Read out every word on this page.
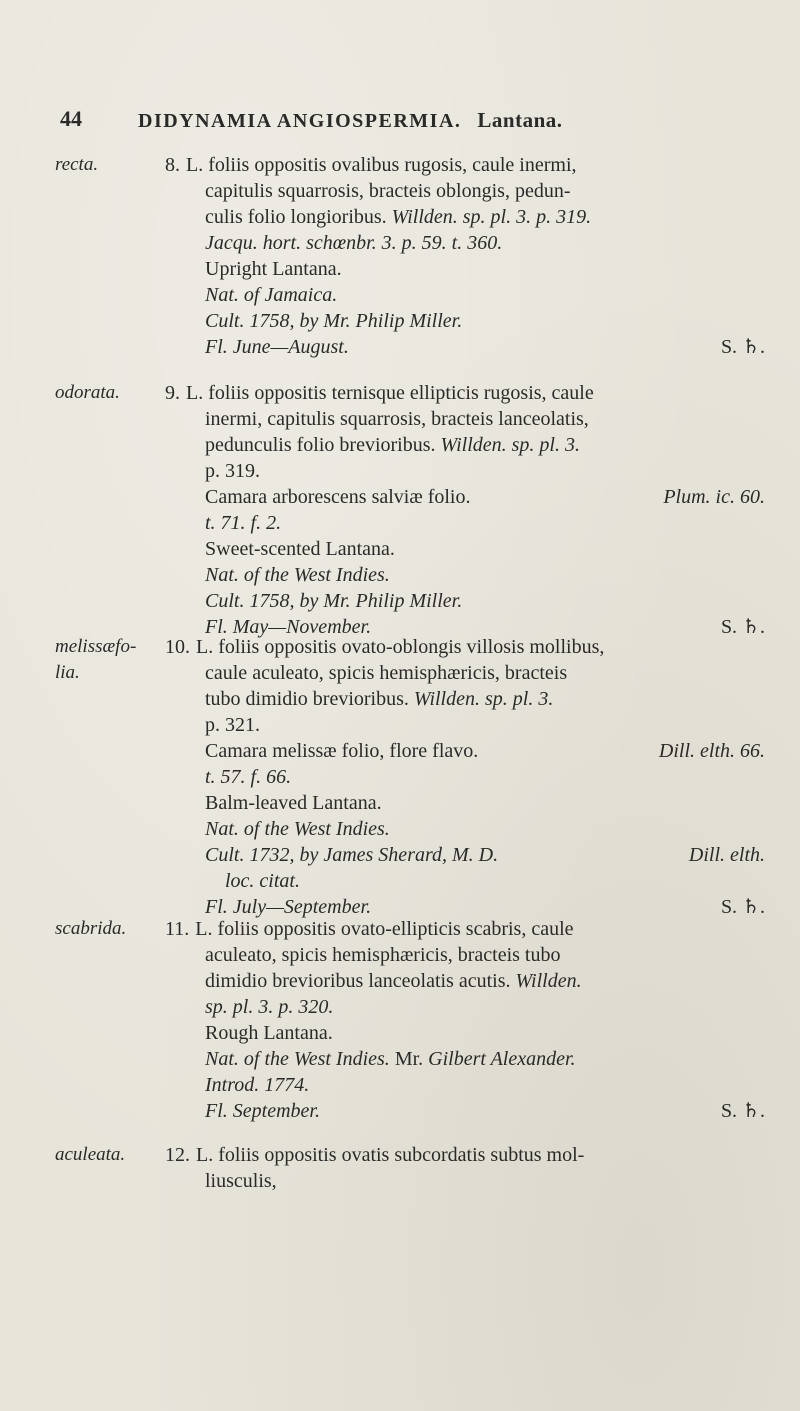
44	DIDYNAMIA ANGIOSPERMIA. Lantana.
recta.	8. L. foliis oppositis ovalibus rugosis, caule inermi,
capitulis squarrosis, bracteis oblongis, pedun-
culis folio longioribus. Willden. sp. pl. 3. p. 319.
Jacqu. hort. schœnbr. 3. p. 59. t. 360.
Upright Lantana.
Nat. of Jamaica.
Cult. 1758, by Mr. Philip Miller.
Fl. June—August.	S. ♄.
odorata.	9. L. foliis oppositis ternisque ellipticis rugosis, caule
inermi, capitulis squarrosis, bracteis lanceolatis,
pedunculis folio brevioribus. Willden. sp. pl. 3.
p. 319.
Camara arborescens salviæ folio.	Plum. ic. 60.
t. 71. f. 2.
Sweet-scented Lantana.
Nat. of the West Indies.
Cult. 1758, by Mr. Philip Miller.
Fl. May—November.	S. ♄.
melissæfo-
lia.
10. L. foliis oppositis ovato-oblongis villosis mollibus,
caule aculeato, spicis hemisphæricis, bracteis
tubo dimidio brevioribus. Willden. sp. pl. 3.
p. 321.
Camara melissæ folio, flore flavo.	Dill. elth. 66.
t. 57. f. 66.
Balm-leaved Lantana.
Nat. of the West Indies.
Cult. 1732, by James Sherard, M. D.	Dill. elth.
loc. citat.
Fl. July—September.	S. ♄.
scabrida.	11. L. foliis oppositis ovato-ellipticis scabris, caule
aculeato, spicis hemisphæricis, bracteis tubo
dimidio brevioribus lanceolatis acutis. Willden.
sp. pl. 3. p. 320.
Rough Lantana.
Nat. of the West Indies. Mr. Gilbert Alexander.
Introd. 1774.
Fl. September.	S. ♄.
aculeata.	12. L. foliis oppositis ovatis subcordatis subtus mol-
liusculis,
